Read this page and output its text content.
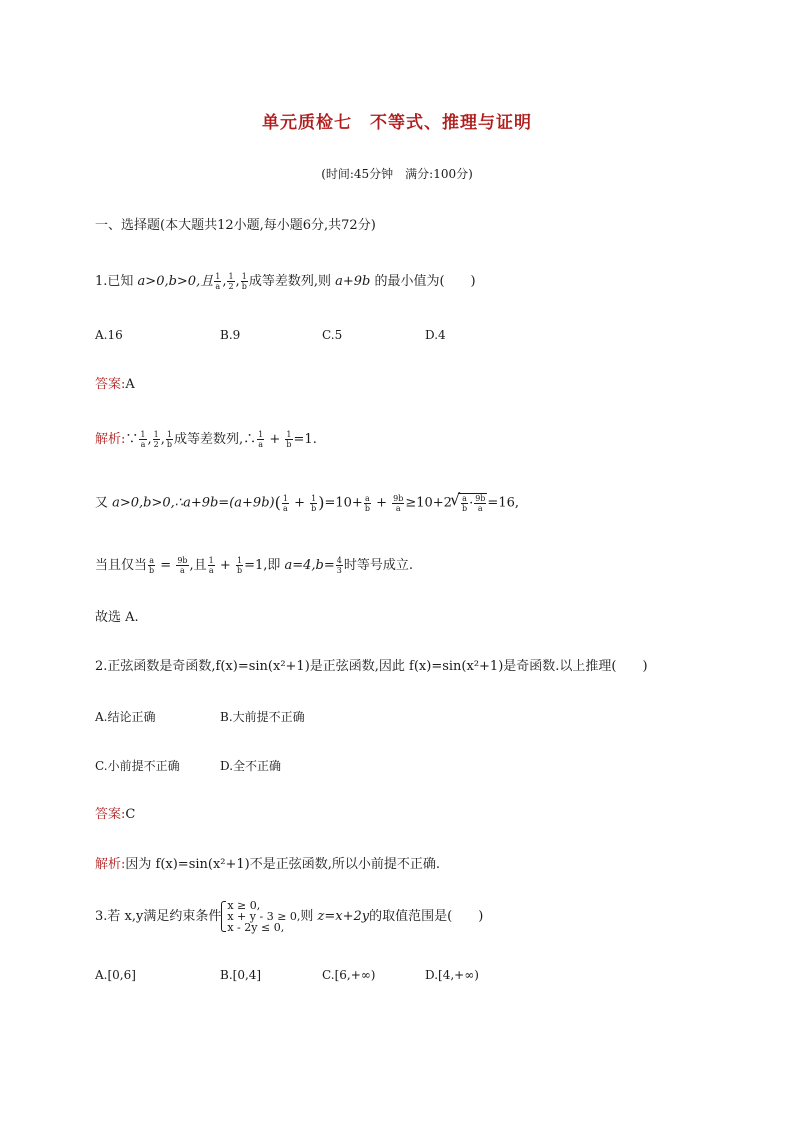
单元质检七　不等式、推理与证明
(时间:45分钟　满分:100分)
一、选择题(本大题共12小题,每小题6分,共72分)
1.已知 a>0,b>0,且 $\frac{1}{a}$ , $\frac{1}{2}$ , $\frac{1}{b}$ 成等差数列,则 a+9b 的最小值为(　　)
A.16	B.9	C.5	D.4
答案:A
解析:∵ $\frac{1}{a}$ , $\frac{1}{2}$ , $\frac{1}{b}$ 成等差数列,∴ $\frac{1}{a} + \frac{1}{b} =1$.
又 a>0,b>0,∴a+9b=(a+9b)( $\frac{1}{a} + \frac{1}{b} )=10+ \frac{a}{b} + \frac{9b}{a} \ge 10+2$
√ $\frac{a}{b} \cdot \frac{9b}{a} =16$,
当且仅当 $\frac{a}{b} = \frac{9b}{a}$ ,且 $\frac{1}{a} + \frac{1}{b} =1$,即 $a=4,b= \frac{4}{3}$ 时等号成立.
故选 A.
2.正弦函数是奇函数,f(x)=sin(x²+1)是正弦函数,因此 f(x)=sin(x²+1)是奇函数.以上推理(　　)
A.结论正确	B.大前提不正确
C.小前提不正确	D.全不正确
答案:C
解析:因为 f(x)=sin(x²+1)不是正弦函数,所以小前提不正确.
3.若 x,y满足约束条件
x ≥ 0,
x + y - 3 ≥ 0,
x - 2y ≤ 0,
则 z=x+2y的取值范围是(　　)
A.[0,6]	B.[0,4]	C.[6,+∞)	D.[4,+∞)
